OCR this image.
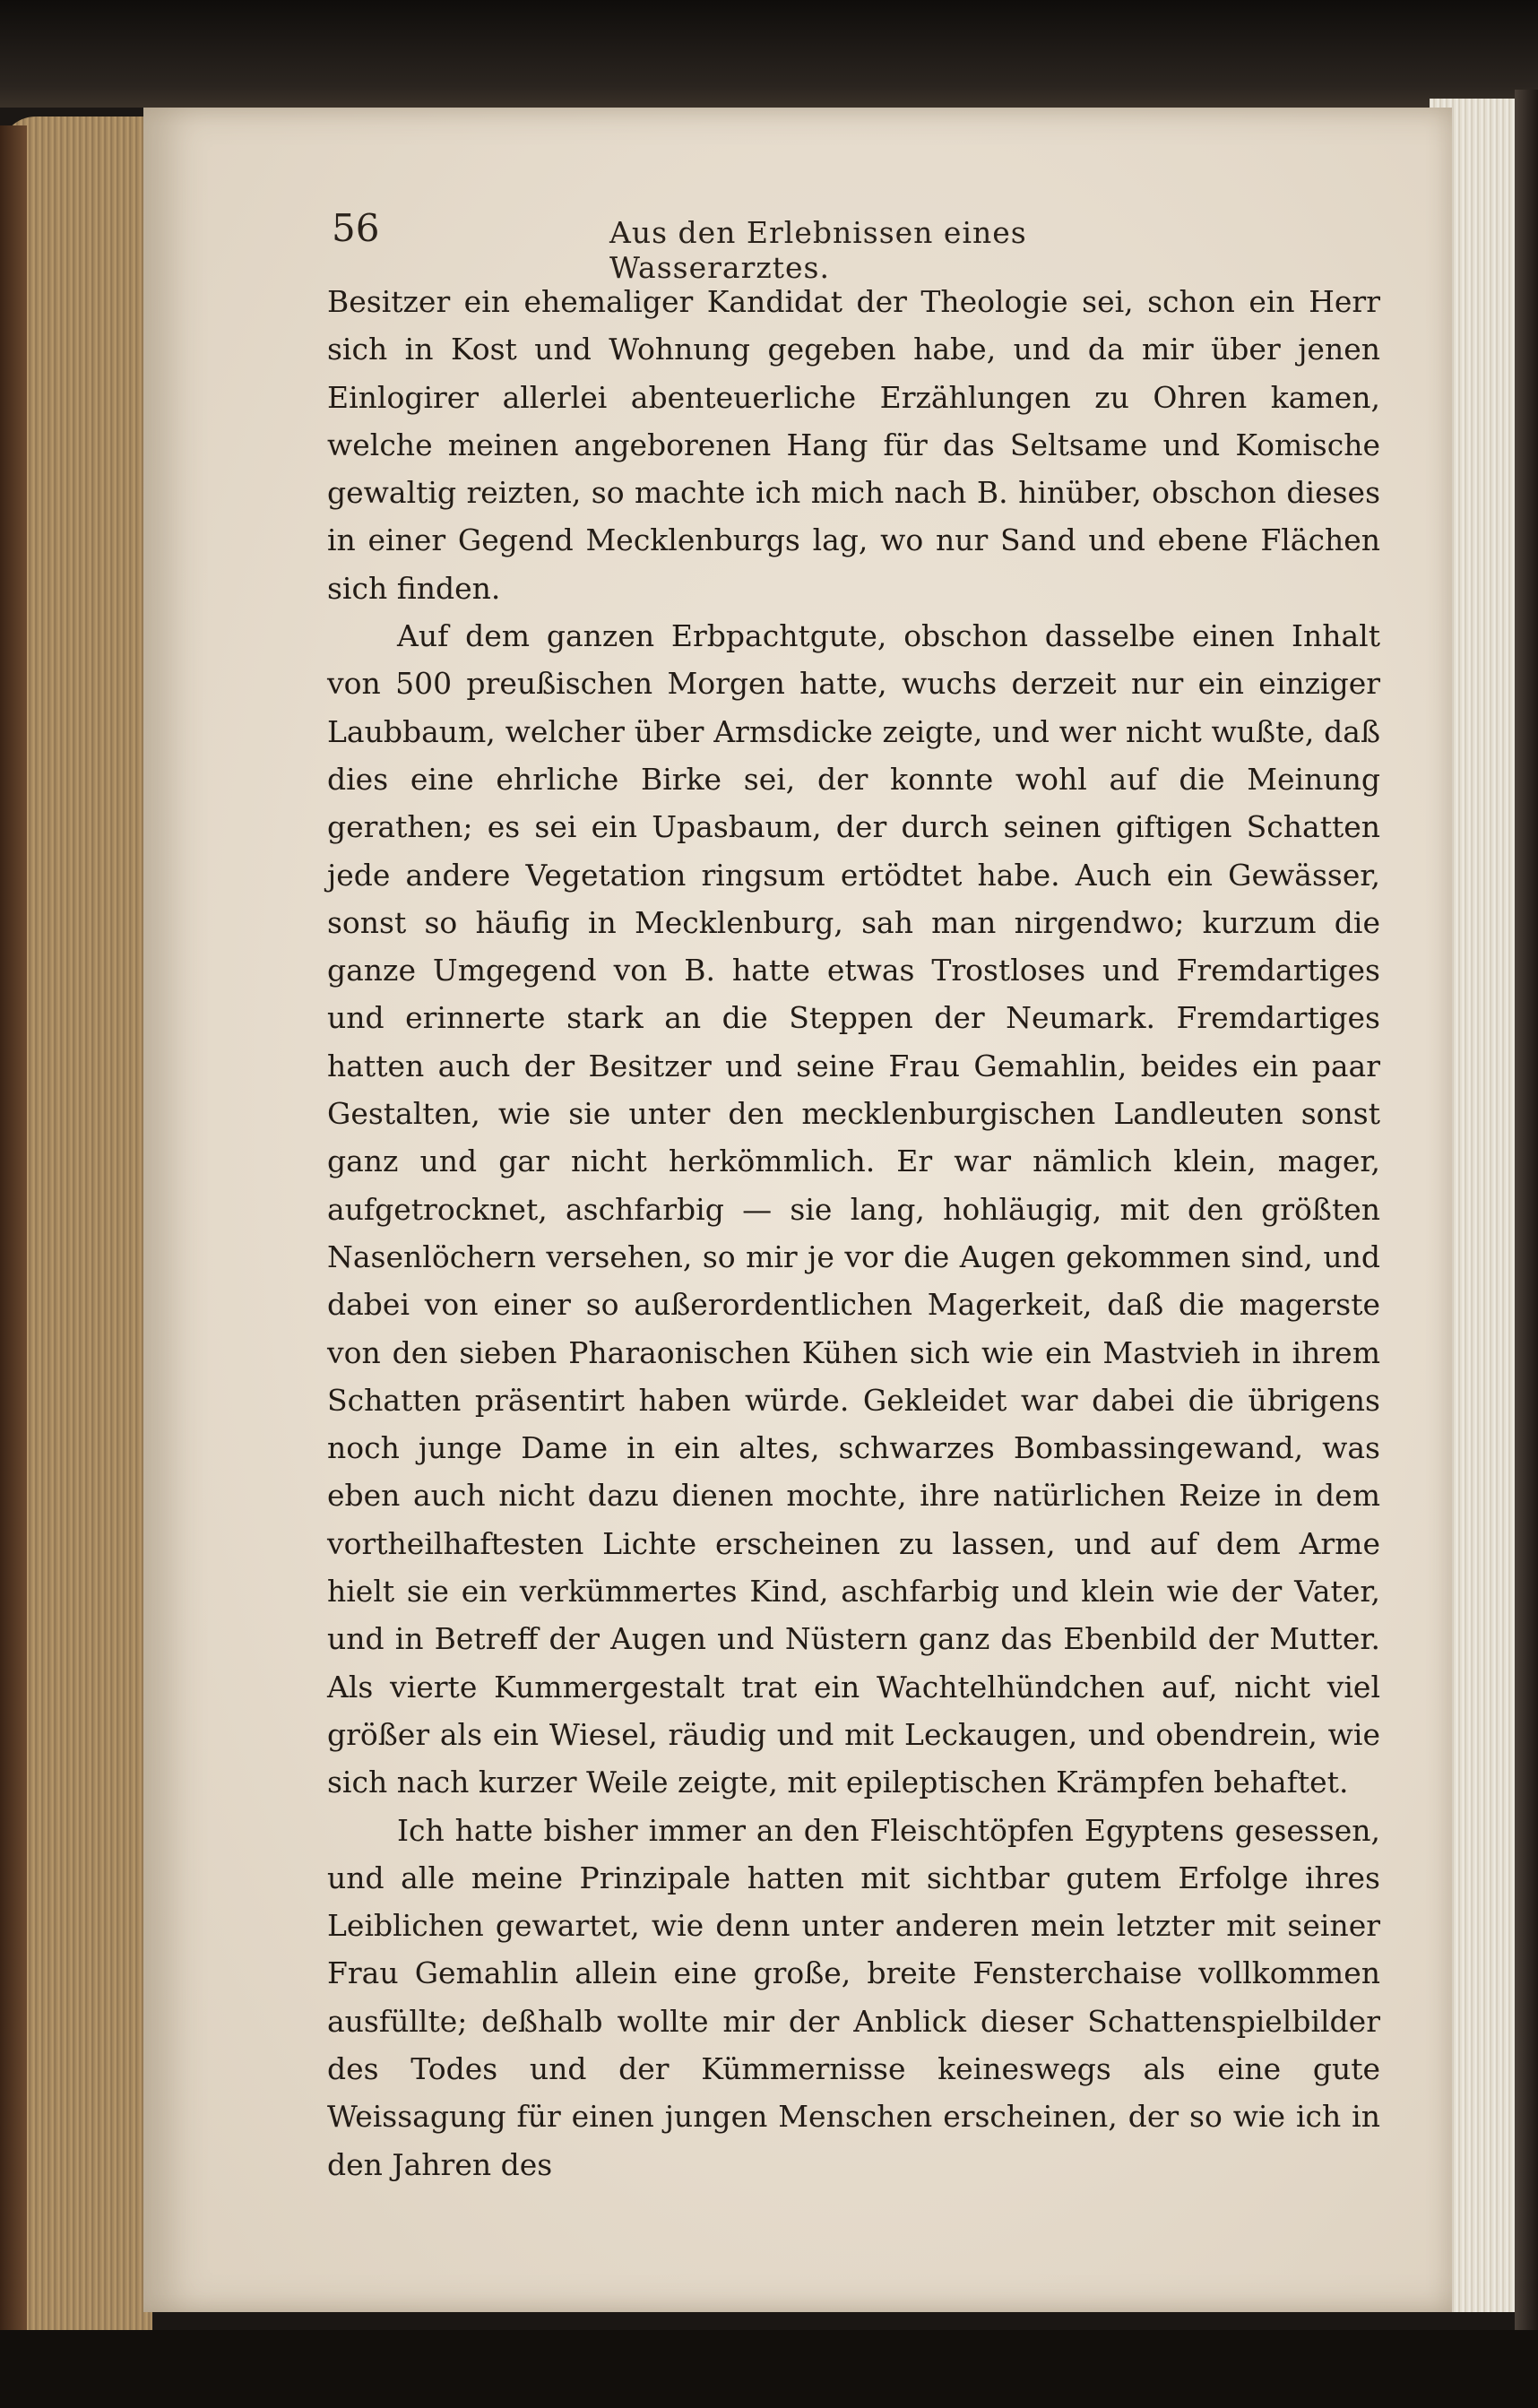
56	Aus den Erlebnissen eines Wasserarztes.

Besitzer ein ehemaliger Kandidat der Theologie sei, schon ein Herr sich in Kost und Wohnung gegeben habe, und da mir über jenen Einlogirer allerlei abenteuerliche Erzählungen zu Ohren kamen, welche meinen angeborenen Hang für das Seltsame und Komische gewaltig reizten, so machte ich mich nach B. hinüber, obschon dieses in einer Gegend Mecklenburgs lag, wo nur Sand und ebene Flächen sich finden.

Auf dem ganzen Erbpachtgute, obschon dasselbe einen Inhalt von 500 preußischen Morgen hatte, wuchs derzeit nur ein einziger Laubbaum, welcher über Armsdicke zeigte, und wer nicht wußte, daß dies eine ehrliche Birke sei, der konnte wohl auf die Meinung gerathen; es sei ein Upasbaum, der durch seinen giftigen Schatten jede andere Vegetation ringsum ertödtet habe. Auch ein Gewässer, sonst so häufig in Mecklenburg, sah man nirgendwo; kurzum die ganze Umgegend von B. hatte etwas Trostloses und Fremdartiges und erinnerte stark an die Steppen der Neumark. Fremdartiges hatten auch der Besitzer und seine Frau Gemahlin, beides ein paar Gestalten, wie sie unter den mecklenburgischen Landleuten sonst ganz und gar nicht herkömmlich. Er war nämlich klein, mager, aufgetrocknet, aschfarbig — sie lang, hohläugig, mit den größten Nasenlöchern versehen, so mir je vor die Augen gekommen sind, und dabei von einer so außerordentlichen Magerkeit, daß die magerste von den sieben Pharaonischen Kühen sich wie ein Mastvieh in ihrem Schatten präsentirt haben würde. Gekleidet war dabei die übrigens noch junge Dame in ein altes, schwarzes Bombassingewand, was eben auch nicht dazu dienen mochte, ihre natürlichen Reize in dem vortheilhaftesten Lichte erscheinen zu lassen, und auf dem Arme hielt sie ein verkümmertes Kind, aschfarbig und klein wie der Vater, und in Betreff der Augen und Nüstern ganz das Ebenbild der Mutter. Als vierte Kummergestalt trat ein Wachtelhündchen auf, nicht viel größer als ein Wiesel, räudig und mit Leckaugen, und obendrein, wie sich nach kurzer Weile zeigte, mit epileptischen Krämpfen behaftet.

Ich hatte bisher immer an den Fleischtöpfen Egyptens gesessen, und alle meine Prinzipale hatten mit sichtbar gutem Erfolge ihres Leiblichen gewartet, wie denn unter anderen mein letzter mit seiner Frau Gemahlin allein eine große, breite Fensterchaise vollkommen ausfüllte; deßhalb wollte mir der Anblick dieser Schattenspielbilder des Todes und der Kümmernisse keineswegs als eine gute Weissagung für einen jungen Menschen erscheinen, der so wie ich in den Jahren des
